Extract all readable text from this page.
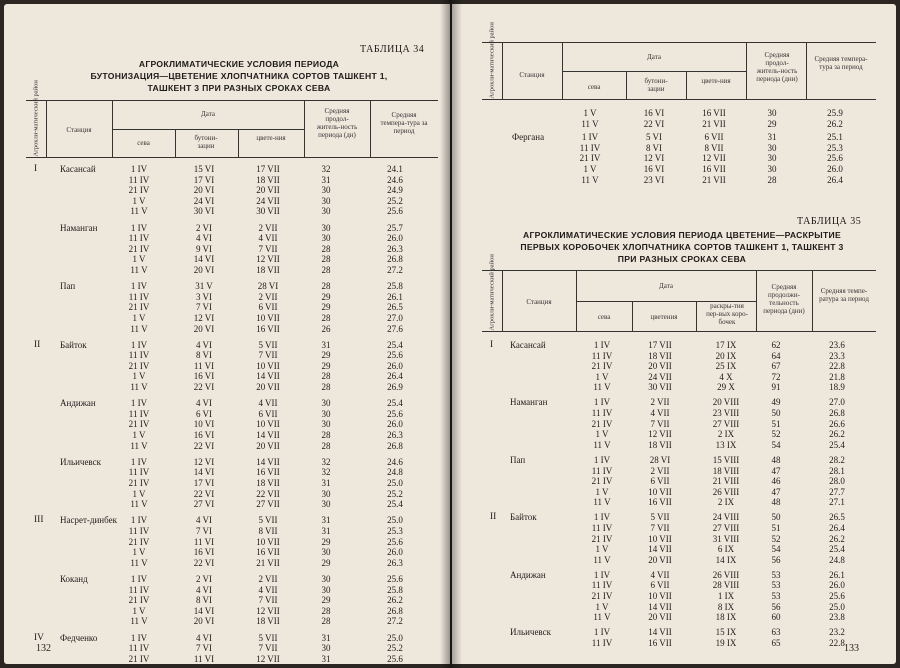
ТАБЛИЦА 34
АГРОКЛИМАТИЧЕСКИЕ УСЛОВИЯ ПЕРИОДА
БУТОНИЗАЦИЯ—ЦВЕТЕНИЕ ХЛОПЧАТНИКА СОРТОВ ТАШКЕНТ 1,
ТАШКЕНТ 3 ПРИ РАЗНЫХ СРОКАХ СЕВА
Агрокли-матический район	Станция
Дата
сева
бутони-зации
цвете-ния
Средняя продол-житель-ность периода (дн)
Средняя темпера-тура за период
I	Касансай	1 IV	15 VI	17 VII	32	24.1
11 IV	17 VI	18 VII	31	24.6
21 IV	20 VI	20 VII	30	24.9
1 V	24 VI	24 VII	30	25.2
11 V	30 VI	30 VII	30	25.6
Наманган	1 IV	2 VI	2 VII	30	25.7
11 IV	4 VI	4 VII	30	26.0
21 IV	9 VI	7 VII	28	26.3
1 V	14 VI	12 VII	28	26.8
11 V	20 VI	18 VII	28	27.2
Пап	1 IV	31 V	28 VI	28	25.8
11 IV	3 VI	2 VII	29	26.1
21 IV	7 VI	6 VII	29	26.5
1 V	12 VI	10 VII	28	27.0
11 V	20 VI	16 VII	26	27.6
II Байток	1 IV	4 VI	5 VII	31	25.4
11 IV	8 VI	7 VII	29	25.6
21 IV	11 VI	10 VII	29	26.0
1 V	16 VI	14 VII	28	26.4
11 V	22 VI	20 VII	28	26.9
Андижан	1 IV	4 VI	4 VII	30	25.4
11 IV	6 VI	6 VII	30	25.6
21 IV	10 VI	10 VII	30	26.0
1 V	16 VI	14 VII	28	26.3
11 V	22 VI	20 VII	28	26.8
Ильичевск	1 IV	12 VI	14 VII	32	24.6
11 IV	14 VI	16 VII	32	24.8
21 IV	17 VI	18 VII	31	25.0
1 V	22 VI	22 VII	30	25.2
11 V	27 VI	27 VII	30	25.4
III Насрет-динбек	1 IV	4 VI	5 VII	31	25.0
11 IV	7 VI	8 VII	31	25.3
21 IV	11 VI	10 VII	29	25.6
1 V	16 VI	16 VII	30	26.0
11 V	22 VI	21 VII	29	26.3
Коканд	1 IV	2 VI	2 VII	30	25.6
11 IV	4 VI	4 VII	30	25.8
21 IV	8 VI	7 VII	29	26.2
1 V	14 VI	12 VII	28	26.8
11 V	20 VI	18 VII	28	27.2
IV Федченко	1 IV	4 VI	5 VII	31	25.0
11 IV	7 VI	7 VII	30	25.2
21 IV	11 VI	12 VII	31	25.6
132
Агрокли-матический район	Станция
Дата
сева
бутони-зации
цвете-ния
Средняя продол-житель-ность периода (дни)
Средняя темпера-тура за период
1 V	16 VI	16 VII	30	25.9
11 V	22 VI	21 VII	29	26.2
Фергана	1 IV	5 VI	6 VII	31	25.1
11 IV	8 VI	8 VII	30	25.3
21 IV	12 VI	12 VII	30	25.6
1 V	16 VI	16 VII	30	26.0
11 V	23 VI	21 VII	28	26.4
ТАБЛИЦА 35
АГРОКЛИМАТИЧЕСКИЕ УСЛОВИЯ ПЕРИОДА ЦВЕТЕНИЕ—РАСКРЫТИЕ
ПЕРВЫХ КОРОБОЧЕК ХЛОПЧАТНИКА СОРТОВ ТАШКЕНТ 1, ТАШКЕНТ 3
ПРИ РАЗНЫХ СРОКАХ СЕВА
Агрокли-матический район	Станция
Дата
сева	цветения
раскры-тия пер-вых коро-бочек
Средняя продолжи-тельность периода (дни)
Средняя темпе-ратура за период
I Касансай	1 IV	17 VII	17 IX	62	23.6
11 IV	18 VII	20 IX	64	23.3
21 IV	20 VII	25 IX	67	22.8
1 V	24 VII	4 X	72	21.8
11 V	30 VII	29 X	91	18.9
Наманган	1 IV	2 VII	20 VIII	49	27.0
11 IV	4 VII	23 VIII	50	26.8
21 IV	7 VII	27 VIII	51	26.6
1 V	12 VII	2 IX	52	26.2
11 V	18 VII	13 IX	54	25.4
Пап	1 IV	28 VI	15 VIII	48	28.2
11 IV	2 VII	18 VIII	47	28.1
21 IV	6 VII	21 VIII	46	28.0
1 V	10 VII	26 VIII	47	27.7
11 V	16 VII	2 IX	48	27.1
II Байток	1 IV	5 VII	24 VIII	50	26.5
11 IV	7 VII	27 VIII	51	26.4
21 IV	10 VII	31 VIII	52	26.2
1 V	14 VII	6 IX	54	25.4
11 V	20 VII	14 IX	56	24.8
Андижан	1 IV	4 VII	26 VIII	53	26.1
11 IV	6 VII	28 VIII	53	26.0
21 IV	10 VII	1 IX	53	25.6
1 V	14 VII	8 IX	56	25.0
11 V	20 VII	18 IX	60	23.8
Ильичевск	1 IV	14 VII	15 IX	63	23.2
11 IV	16 VII	19 IX	65	22.8
133
